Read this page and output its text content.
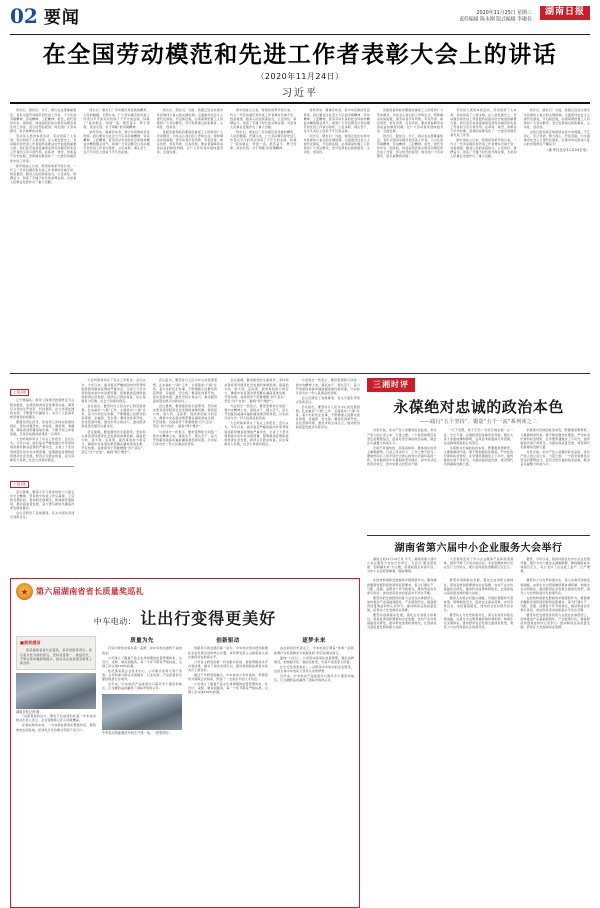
02 要闻	2020年11月25日 星期三
责任编辑 陈永刚 版式编辑 李珈名
湖南日报
在全国劳动模范和先进工作者表彰大会上的讲话
（2020年11月24日）
习近平

同志们，朋友们：今天，我们在这里隆重集会，表彰全国劳动模范和先进工作者，大力弘扬劳模精神、劳动精神、工匠精神。首先，我代表党中央、国务院，向受到表彰的全国劳动模范和先进工作者，表示热烈的祝贺！向全国广大劳动群众，致以诚挚的问候！

劳动是人类的本质活动，劳动创造了人本身，劳动创造了人类文明。在人类发展史上，劳动模范和先进工作者始终是推动历史前进的重要力量。我们党历来高度重视发挥劳动模范和先进工作者的示范引领作用。在革命、建设、改革各个历史时期，党和国家都表彰了一大批劳动模范和先进工作者。

新中国成立以来，特别是改革开放以来，一代又一代劳动模范和先进工作者秉持忠诚于党、热爱祖国、服务人民的崇高信念，立足岗位、拼搏奋斗，创造了无愧于时代的光辉业绩，为党和人民事业发展作出了重大贡献。

同志们、朋友们！劳动模范是民族的精英、人民的楷模。长期以来，广大劳动模范和先进工作者以平凡的劳动创造了不平凡的业绩，铸就了“爱岗敬业、争创一流，艰苦奋斗、勇于创新，淡泊名利、甘于奉献”的劳模精神。

崇尚劳动、尊重劳动者，是中华民族的优良传统。我们要在全社会大力弘扬劳模精神、劳动精神、工匠精神，营造劳动光荣的社会风尚和精益求精的敬业风气。希望广大劳动群众以劳动模范和先进工作者为榜样，立足本职、埋头苦干，在平凡岗位上创造不平凡的业绩。

同志们、朋友们！当前，我国正处在实现中华民族伟大复兴的关键时期。全面建设社会主义现代化国家，开启新征程，必须紧紧依靠工人阶级和广大劳动群众，充分发挥他们的积极性、主动性、创造性。

各级党委和政府要高度重视工人阶级和广大劳动群众，切实关心他们的工作和生活，帮助解决实际困难，使劳动者学有所教、劳有所得、病有所医、老有所养、住有所居。要完善保障劳动者权益的制度机制，让广大劳动者实现体面劳动、全面发展。

新中国成立以来，特别是改革开放以来，一代又一代劳动模范和先进工作者秉持忠诚于党、热爱祖国、服务人民的崇高信念，立足岗位、拼搏奋斗，创造了无愧于时代的光辉业绩，为党和人民事业发展作出了重大贡献。

同志们、朋友们！劳动模范是民族的精英、人民的楷模。长期以来，广大劳动模范和先进工作者以平凡的劳动创造了不平凡的业绩，铸就了“爱岗敬业、争创一流，艰苦奋斗、勇于创新，淡泊名利、甘于奉献”的劳模精神。

崇尚劳动、尊重劳动者，是中华民族的优良传统。我们要在全社会大力弘扬劳模精神、劳动精神、工匠精神，营造劳动光荣的社会风尚和精益求精的敬业风气。希望广大劳动群众以劳动模范和先进工作者为榜样，立足本职、埋头苦干，在平凡岗位上创造不平凡的业绩。

同志们、朋友们！当前，我国正处在实现中华民族伟大复兴的关键时期。全面建设社会主义现代化国家，开启新征程，必须紧紧依靠工人阶级和广大劳动群众，充分发挥他们的积极性、主动性、创造性。

各级党委和政府要高度重视工人阶级和广大劳动群众，切实关心他们的工作和生活，帮助解决实际困难，使劳动者学有所教、劳有所得、病有所医、老有所养、住有所居。要完善保障劳动者权益的制度机制，让广大劳动者实现体面劳动、全面发展。

同志们，朋友们：今天，我们在这里隆重集会，表彰全国劳动模范和先进工作者，大力弘扬劳模精神、劳动精神、工匠精神。首先，我代表党中央、国务院，向受到表彰的全国劳动模范和先进工作者，表示热烈的祝贺！向全国广大劳动群众，致以诚挚的问候！

劳动是人类的本质活动，劳动创造了人本身，劳动创造了人类文明。在人类发展史上，劳动模范和先进工作者始终是推动历史前进的重要力量。我们党历来高度重视发挥劳动模范和先进工作者的示范引领作用。在革命、建设、改革各个历史时期，党和国家都表彰了一大批劳动模范和先进工作者。

新中国成立以来，特别是改革开放以来，一代又一代劳动模范和先进工作者秉持忠诚于党、热爱祖国、服务人民的崇高信念，立足岗位、拼搏奋斗，创造了无愧于时代的光辉业绩，为党和人民事业发展作出了重大贡献。

同志们、朋友们！当前，我国正处在实现中华民族伟大复兴的关键时期。全面建设社会主义现代化国家，开启新征程，必须紧紧依靠工人阶级和广大劳动群众，充分发挥他们的积极性、主动性、创造性。

让我们更加紧密地团结在党中央周围，不忘初心、牢记使命，勠力同心、开拓进取，为全面建设社会主义现代化国家、实现中华民族伟大复兴的中国梦而不懈奋斗！

（新华社北京11月24日电）
上接1版

辽宁舰编队、航母工程建设按照既定节点稳步推进，各项试验训练任务顺利完成。海军官兵坚持从严治军、科技强军，在大洋深处锤炼本领，不断提升打赢能力，书写了人民海军转型建设的新篇章。

要强化责任担当，把各项工作抓实抓细抓到位，坚持问题导向，补短板、强弱项、堵漏洞，确保各项部署落地见效，不断开创工作新局面，以优异成绩迎接建党一百周年。

大会听取和审议了有关工作报告，会议认为，今年以来，面对复杂严峻的国内外形势特别是新冠肺炎疫情的严重冲击，全省上下坚决贯彻落实党中央决策部署，统筹推进疫情防控和经济社会发展，经济运行稳步恢复，民生保障有力有效，社会大局保持稳定。

上接1版

会议强调，要深入学习贯彻党的十九届五中全会精神，坚持稳中求进工作总基调，立足新发展阶段，贯彻新发展理念，构建新发展格局，推动高质量发展，奋力谱写新时代湖南改革发展新篇章。

会议还研究了其他事项。有关方面负责同志列席会议。

大会听取和审议了有关工作报告，会议认为，今年以来，面对复杂严峻的国内外形势特别是新冠肺炎疫情的严重冲击，全省上下坚决贯彻落实党中央决策部署，统筹推进疫情防控和经济社会发展，经济运行稳步恢复，民生保障有力有效，社会大局保持稳定。

会议指出，要坚持以人民为中心的发展思想，扎实做好“六稳”工作、全面落实“六保”任务，着力办好民生实事，不断增强人民群众的获得感、幸福感、安全感。要深化改革开放，优化营商环境，激发市场主体活力，推动经济高质量发展迈出新步伐。

会议强调，要加强党的全面领导，坚持和完善党领导经济社会发展的体制机制，提高把方向、谋大局、定政策、促改革的能力和定力，确保中央各项决策部署在湖南落地生根、开花结果。各级领导干部要增强“四个意识”、坚定“四个自信”、做到“两个维护”。

会议指出，要坚持以人民为中心的发展思想，扎实做好“六稳”工作、全面落实“六保”任务，着力办好民生实事，不断增强人民群众的获得感、幸福感、安全感。要深化改革开放，优化营商环境，激发市场主体活力，推动经济高质量发展迈出新步伐。

会议强调，要加强党的全面领导，坚持和完善党领导经济社会发展的体制机制，提高把方向、谋大局、定政策、促改革的能力和定力，确保中央各项决策部署在湖南落地生根、开花结果。各级领导干部要增强“四个意识”、坚定“四个自信”、做到“两个维护”。

与会同志一致表示，要把思想和行动统一到中央精神上来，真抓实干、埋头苦干，奋力开创富饶美丽幸福新湖南建设新局面，以实际行动交出一份人民满意的答卷。

会议强调，要加强党的全面领导，坚持和完善党领导经济社会发展的体制机制，提高把方向、谋大局、定政策、促改革的能力和定力，确保中央各项决策部署在湖南落地生根、开花结果。各级领导干部要增强“四个意识”、坚定“四个自信”、做到“两个维护”。

与会同志一致表示，要把思想和行动统一到中央精神上来，真抓实干、埋头苦干，奋力开创富饶美丽幸福新湖南建设新局面，以实际行动交出一份人民满意的答卷。

大会听取和审议了有关工作报告，会议认为，今年以来，面对复杂严峻的国内外形势特别是新冠肺炎疫情的严重冲击，全省上下坚决贯彻落实党中央决策部署，统筹推进疫情防控和经济社会发展，经济运行稳步恢复，民生保障有力有效，社会大局保持稳定。

与会同志一致表示，要把思想和行动统一到中央精神上来，真抓实干、埋头苦干，奋力开创富饶美丽幸福新湖南建设新局面，以实际行动交出一份人民满意的答卷。

会议还研究了其他事项。有关方面负责同志列席会议。

会议指出，要坚持以人民为中心的发展思想，扎实做好“六稳”工作、全面落实“六保”任务，着力办好民生实事，不断增强人民群众的获得感、幸福感、安全感。要深化改革开放，优化营商环境，激发市场主体活力，推动经济高质量发展迈出新步伐。

三湘时评
永葆绝对忠诚的政治本色
——践行“五个坚持”、锻造“五个一流”系列谈之二

对党忠诚，是共产党人首要的政治品质，是共产党人的立身之本、力量之源。一个政党如果没有坚定的理想信念，没有对党忠诚的政治品格，就会丧失凝聚力和战斗力。

忠诚不是抽象的，而是具体的。要体现在政治上旗帜鲜明、行动上坚决有力、工作上勇于担当。要始终同以习近平同志为核心的党中央保持高度一致，自觉做到党中央提倡的坚决响应、党中央决定的坚决执行、党中央禁止的坚决不做。

“天下至德，莫大于忠。”对党忠诚必须一心一意、矢志不渝，必须经得起各种风浪考验。要在大是大非面前旗帜鲜明，在风浪考验面前无所畏惧，在各种诱惑面前立场坚定。

永葆绝对忠诚的政治本色，既要靠思想教育，又要靠制度约束。要不断加强党性锻炼，严守政治纪律和政治规矩，在学懂弄通做实上下功夫，始终做到忠诚干净担当，为推动高质量发展、建设现代化新湖南贡献力量。

永葆绝对忠诚的政治本色，既要靠思想教育，又要靠制度约束。要不断加强党性锻炼，严守政治纪律和政治规矩，在学懂弄通做实上下功夫，始终做到忠诚干净担当，为推动高质量发展、建设现代化新湖南贡献力量。

对党忠诚，是共产党人首要的政治品质，是共产党人的立身之本、力量之源。一个政党如果没有坚定的理想信念，没有对党忠诚的政治品格，就会丧失凝聚力和战斗力。

湖南省第六届中小企业服务大会举行

湖南日报11月24日讯 今天，湖南省第六届中小企业服务大会在长沙举行。大会以“服务促发展、创新赢未来”为主题，搭建政银企对接平台，为中小企业纾困解难、赋能增效。

大会现场发布了中小企业服务产品和政策清单，组织开展了专场对接活动，多家金融机构与企业签订合作协议，累计意向授信金额超过百亿元。

据悉，今年以来，我省持续优化中小企业发展环境，累计为中小微企业减税降费、降低融资成本等超百亿元，有力支持了企业复工复产、达产增效。

第六届湖南省省长质量奖巡礼
中车电动： 让出行变得更美好
■获奖感言

荣获湖南省省长质量奖，是荣誉更是责任。我们将以此为新的起点，坚持质量第一、效益优先，不断完善卓越绩效模式，推动企业高质量发展再上新台阶。

湖南日报记者 摄

“永葆青春的活力，源自于对品质的执着。”中车电动相关负责人表示，企业将继续以匠心铸就精品。

在智能制造车间，一台台新能源客车整装待发，即将驶向全国各地，把绿色出行的理念带到千家万户。

质量为先

打造中国电动客车第一品牌，是中车电动始终不渝的追求。

公司建立了覆盖产品全生命周期的质量管理体系，从设计、采购、制造到服务，每一个环节都有严格标准，关键工序实现100%检测。

依托国家级企业技术中心，公司累计获得专利千余项，主导和参与制定多项国家、行业标准，产品质量和可靠性稳居行业前列。

近年来，中车电动产品批量出口海外多个国家和地区，以过硬的品质赢得了国际市场的认可。

中车电动智能制造车间生产线一角。（资料图片）
创新驱动

创新是引领发展的第一动力。中车电动坚持把创新摆在企业发展全局的核心位置，每年研发投入占销售收入的比重保持在较高水平。

公司自主研发的新一代电驱动系统、智能网联技术平台等成果，填补了国内多项空白，推动我国新能源客车技术迈上新台阶。

通过产学研深度融合，中车电动与多所高校、科研院所共建联合实验室，形成了一支高水平的人才队伍。

公司建立了覆盖产品全生命周期的质量管理体系，从设计、采购、制造到服务，每一个环节都有严格标准，关键工序实现100%检测。

逐梦未来

站在新的历史起点上，中车电动正朝着“世界一流新能源汽车系统解决方案提供商”的目标阔步前行。

面向“十四五”，公司将持续深化质量管理，强化品牌建设，加快数字化、智能化转型，为客户创造更大价值。

让出行变得更美好——这既是中车电动的企业愿景，也是全体中车电动人孜孜以求的梦想。

近年来，中车电动产品批量出口海外多个国家和地区，以过硬的品质赢得了国际市场的认可。

在加快构建新发展格局中展现新作为。要准确把握新发展阶段的新特征新要求，着力打通生产、分配、流通、消费各个环节的堵点，推动形成需求牵引供给、供给创造需求的更高水平动态平衡。

要坚持把发展经济的着力点放在实体经济上，加快推进产业基础高级化、产业链现代化，提高经济质量效益和核心竞争力。推动制造业高质量发展，培育壮大先进制造业集群。

要坚持创新驱动发展，强化企业创新主体地位，促进各类创新要素向企业集聚，支持产业共性基础技术研发，推动科技成果转移转化，让创新成为高质量发展的强大动能。

要坚持创新驱动发展，强化企业创新主体地位，促进各类创新要素向企业集聚，支持产业共性基础技术研发，推动科技成果转移转化，让创新成为高质量发展的强大动能。

要深入实施乡村振兴战略，巩固拓展脱贫攻坚成果，保障粮食安全，促进农业高质高效、乡村宜居宜业、农民富裕富足，加快农业农村现代化步伐。

要坚持人与自然和谐共生，深入实施可持续发展战略，完善生态文明领域统筹协调机制，构建生态文明体系，推动经济社会发展全面绿色转型，建设人与自然和谐共生的现代化。

要坚持人与自然和谐共生，深入实施可持续发展战略，完善生态文明领域统筹协调机制，构建生态文明体系，推动经济社会发展全面绿色转型，建设人与自然和谐共生的现代化。

在加快构建新发展格局中展现新作为。要准确把握新发展阶段的新特征新要求，着力打通生产、分配、流通、消费各个环节的堵点，推动形成需求牵引供给、供给创造需求的更高水平动态平衡。

要坚持把发展经济的着力点放在实体经济上，加快推进产业基础高级化、产业链现代化，提高经济质量效益和核心竞争力。推动制造业高质量发展，培育壮大先进制造业集群。
